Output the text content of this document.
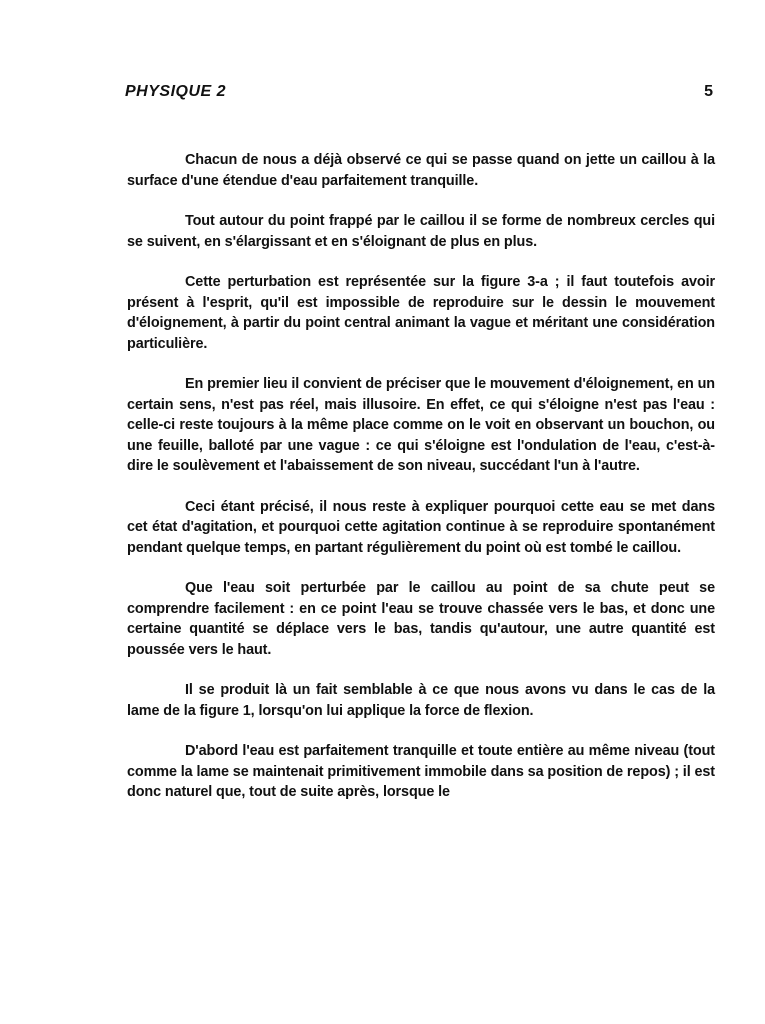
PHYSIQUE 2	5

Chacun de nous a déjà observé ce qui se passe quand on jette un caillou à la surface d'une étendue d'eau parfaitement tranquille.

Tout autour du point frappé par le caillou il se forme de nombreux cercles qui se suivent, en s'élargissant et en s'éloignant de plus en plus.

Cette perturbation est représentée sur la figure 3-a ; il faut toutefois avoir présent à l'esprit, qu'il est impossible de reproduire sur le dessin le mouvement d'éloignement, à partir du point central animant la vague et méritant une considération particulière.

En premier lieu il convient de préciser que le mouvement d'éloignement, en un certain sens, n'est pas réel, mais illusoire. En effet, ce qui s'éloigne n'est pas l'eau : celle-ci reste toujours à la même place comme on le voit en observant un bouchon, ou une feuille, balloté par une vague : ce qui s'éloigne est l'ondulation de l'eau, c'est-à-dire le soulèvement et l'abaissement de son niveau, succédant l'un à l'autre.

Ceci étant précisé, il nous reste à expliquer pourquoi cette eau se met dans cet état d'agitation, et pourquoi cette agitation continue à se reproduire spontanément pendant quelque temps, en partant régulièrement du point où est tombé le caillou.

Que l'eau soit perturbée par le caillou au point de sa chute peut se comprendre facilement : en ce point l'eau se trouve chassée vers le bas, et donc une certaine quantité se déplace vers le bas, tandis qu'autour, une autre quantité est poussée vers le haut.

Il se produit là un fait semblable à ce que nous avons vu dans le cas de la lame de la figure 1, lorsqu'on lui applique la force de flexion.

D'abord l'eau est parfaitement tranquille et toute entière au même niveau (tout comme la lame se maintenait primitivement immobile dans sa position de repos) ; il est donc naturel que, tout de suite après, lorsque le
